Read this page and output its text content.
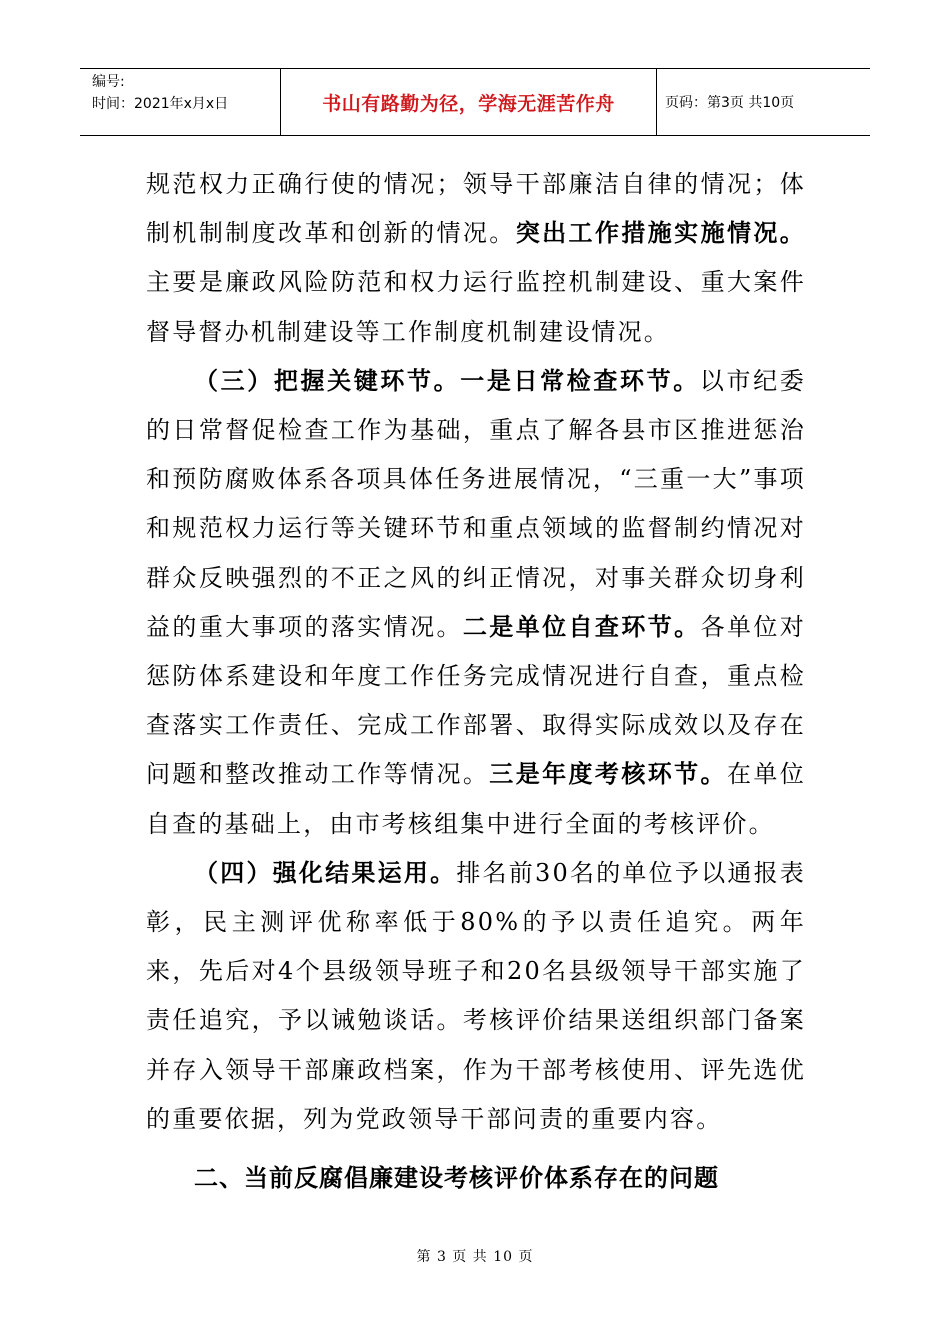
编号:
时间：2021年x月x日	书山有路勤为径，学海无涯苦作舟	页码：第3页 共10页

规范权力正确行使的情况；领导干部廉洁自律的情况；体制机制制度改革和创新的情况。突出工作措施实施情况。主要是廉政风险防范和权力运行监控机制建设、重大案件督导督办机制建设等工作制度机制建设情况。

（三）把握关键环节。一是日常检查环节。以市纪委的日常督促检查工作为基础，重点了解各县市区推进惩治和预防腐败体系各项具体任务进展情况，“三重一大”事项和规范权力运行等关键环节和重点领域的监督制约情况对群众反映强烈的不正之风的纠正情况，对事关群众切身利益的重大事项的落实情况。二是单位自查环节。各单位对惩防体系建设和年度工作任务完成情况进行自查，重点检查落实工作责任、完成工作部署、取得实际成效以及存在问题和整改推动工作等情况。三是年度考核环节。在单位自查的基础上，由市考核组集中进行全面的考核评价。

（四）强化结果运用。排名前30名的单位予以通报表彰，民主测评优称率低于80%的予以责任追究。两年来，先后对4个县级领导班子和20名县级领导干部实施了责任追究，予以诫勉谈话。考核评价结果送组织部门备案并存入领导干部廉政档案，作为干部考核使用、评先选优的重要依据，列为党政领导干部问责的重要内容。

二、当前反腐倡廉建设考核评价体系存在的问题
第 3 页 共 10 页
